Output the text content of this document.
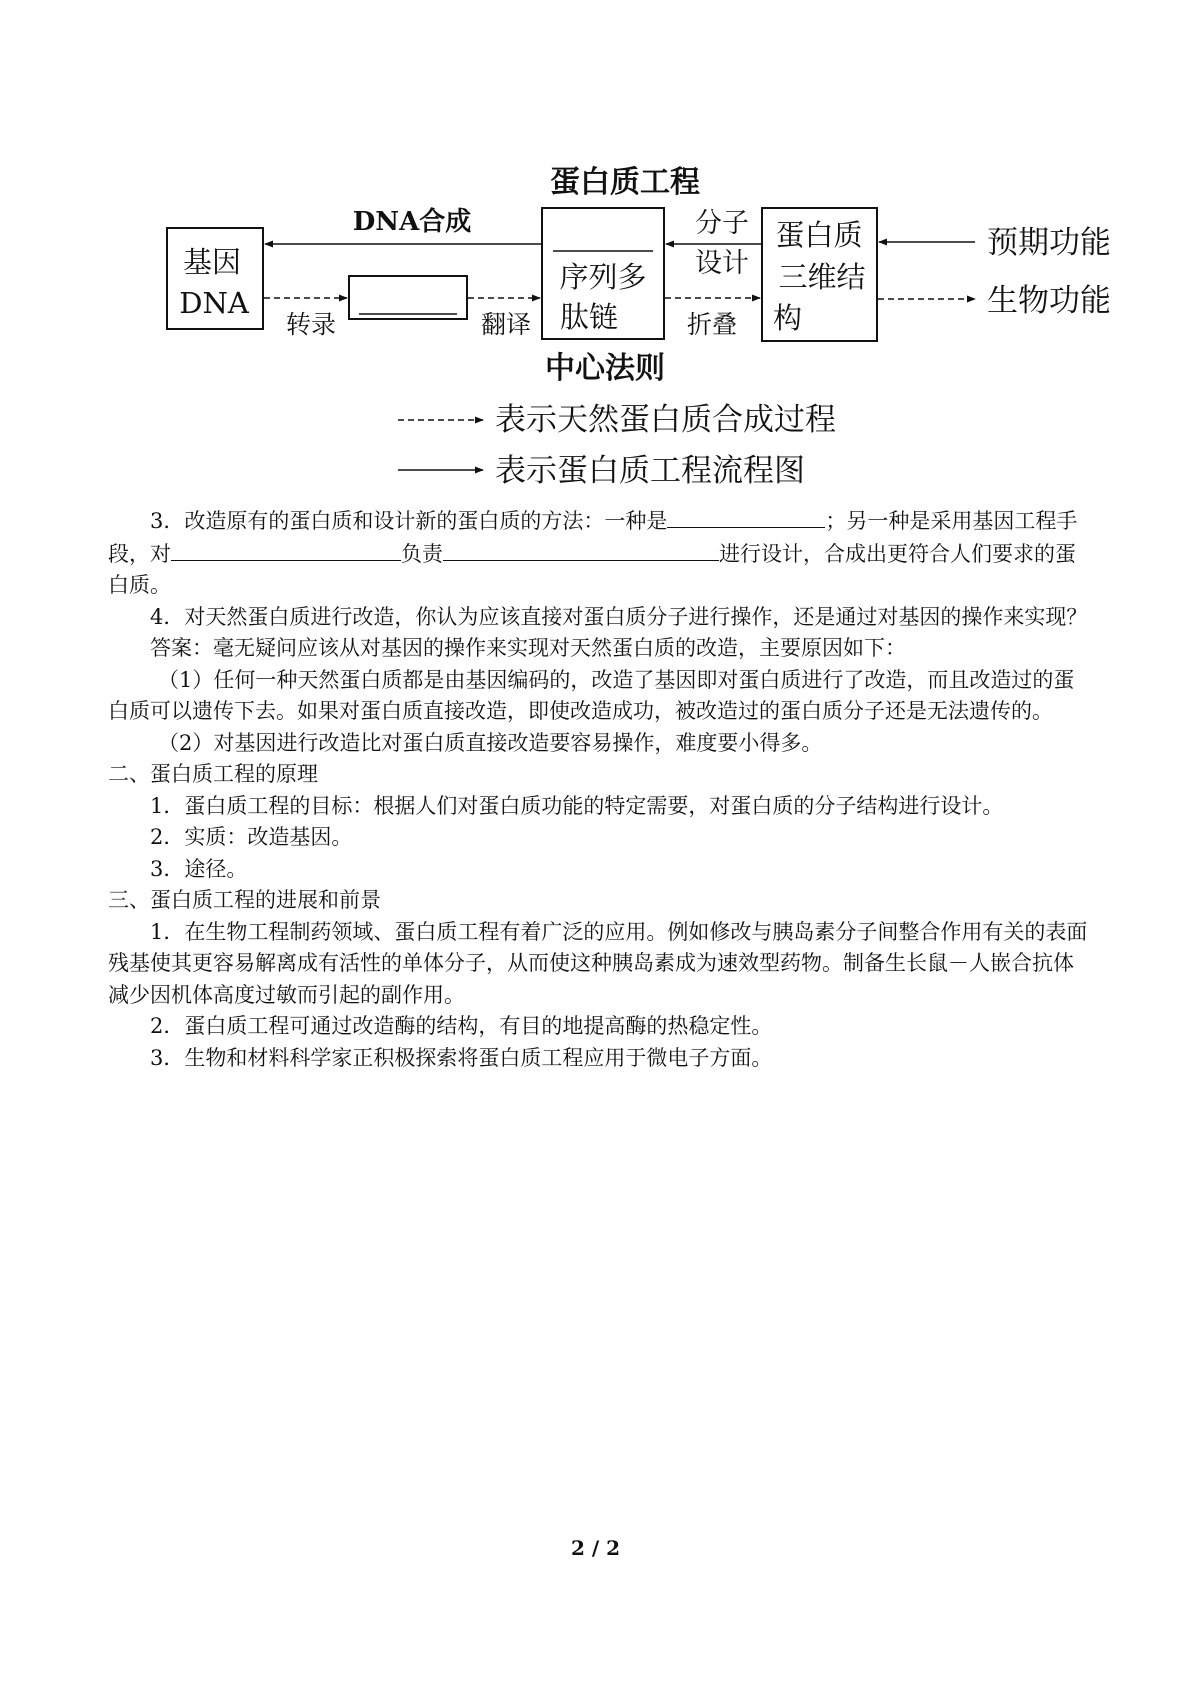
蛋白质工程
中心法则
基因
DNA
序列多
肽链
蛋白质
三维结
构
DNA合成	分子
设计
预期功能
转录	翻译	折叠
生物功能
表示天然蛋白质合成过程
表示蛋白质工程流程图

3．改造原有的蛋白质和设计新的蛋白质的方法：一种是	；另一种是采用基因工程手段，对	负责	进行设计，合成出更符合人们要求的蛋白质。

4．对天然蛋白质进行改造，你认为应该直接对蛋白质分子进行操作，还是通过对基因的操作来实现？

答案：毫无疑问应该从对基因的操作来实现对天然蛋白质的改造，主要原因如下：

（1）任何一种天然蛋白质都是由基因编码的，改造了基因即对蛋白质进行了改造，而且改造过的蛋白质可以遗传下去。如果对蛋白质直接改造，即使改造成功，被改造过的蛋白质分子还是无法遗传的。

（2）对基因进行改造比对蛋白质直接改造要容易操作，难度要小得多。

二、蛋白质工程的原理

1．蛋白质工程的目标：根据人们对蛋白质功能的特定需要，对蛋白质的分子结构进行设计。

2．实质：改造基因。

3．途径。

三、蛋白质工程的进展和前景

1．在生物工程制药领域、蛋白质工程有着广泛的应用。例如修改与胰岛素分子间整合作用有关的表面残基使其更容易解离成有活性的单体分子，从而使这种胰岛素成为速效型药物。制备生长鼠－人嵌合抗体减少因机体高度过敏而引起的副作用。

2．蛋白质工程可通过改造酶的结构，有目的地提高酶的热稳定性。

3．生物和材料科学家正积极探索将蛋白质工程应用于微电子方面。

2 / 2
